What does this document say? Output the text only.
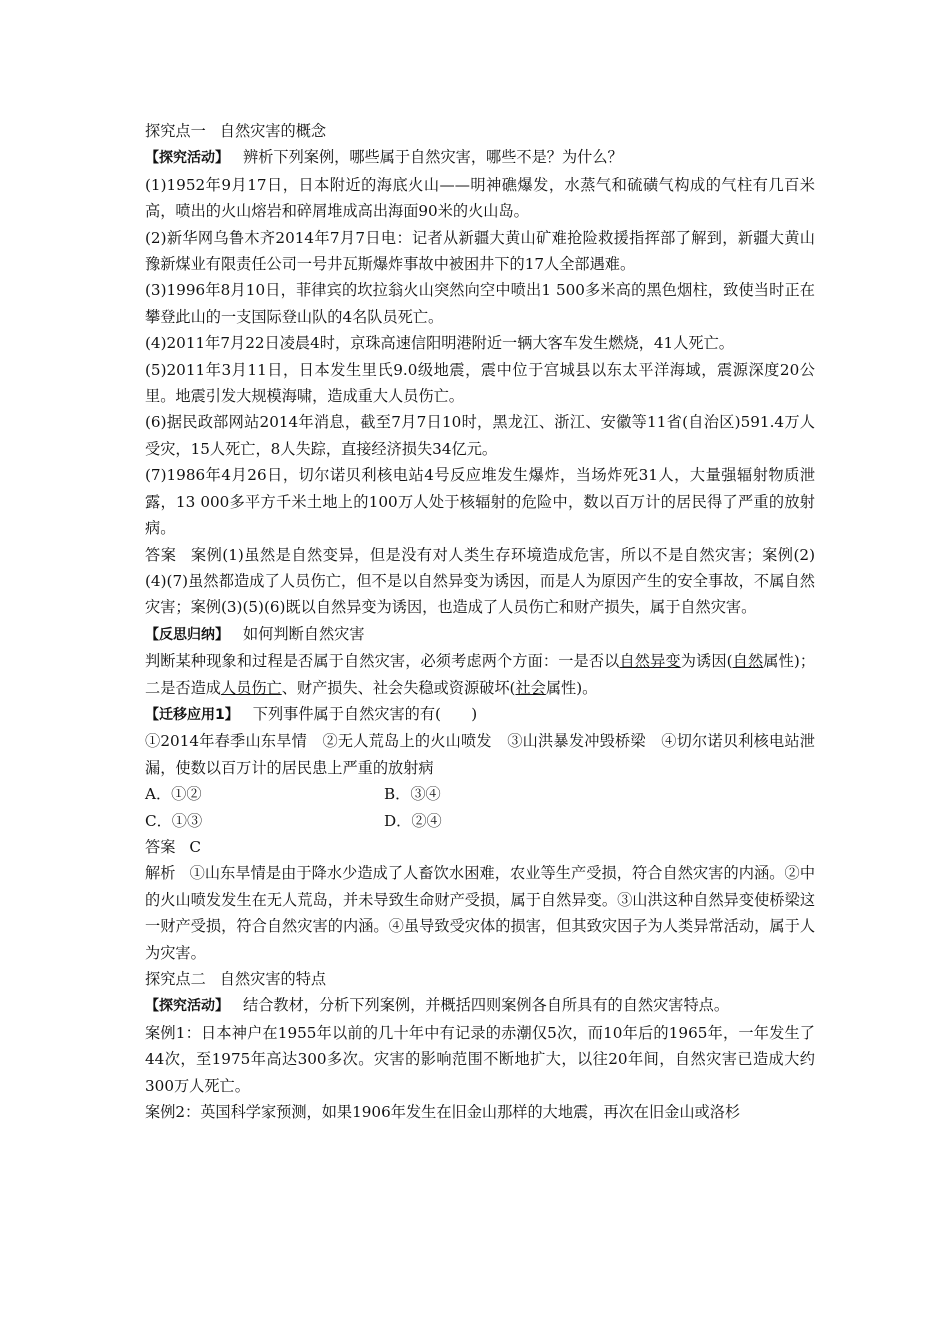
探究点一 自然灾害的概念

【探究活动】 辨析下列案例，哪些属于自然灾害，哪些不是？为什么？

(1)1952年9月17日，日本附近的海底火山——明神礁爆发，水蒸气和硫磺气构成的气柱有几百米高，喷出的火山熔岩和碎屑堆成高出海面90米的火山岛。

(2)新华网乌鲁木齐2014年7月7日电：记者从新疆大黄山矿难抢险救援指挥部了解到，新疆大黄山豫新煤业有限责任公司一号井瓦斯爆炸事故中被困井下的17人全部遇难。

(3)1996年8月10日，菲律宾的坎拉翁火山突然向空中喷出1 500多米高的黑色烟柱，致使当时正在攀登此山的一支国际登山队的4名队员死亡。

(4)2011年7月22日凌晨4时，京珠高速信阳明港附近一辆大客车发生燃烧，41人死亡。

(5)2011年3月11日，日本发生里氏9.0级地震，震中位于宫城县以东太平洋海域，震源深度20公里。地震引发大规模海啸，造成重大人员伤亡。

(6)据民政部网站2014年消息，截至7月7日10时，黑龙江、浙江、安徽等11省(自治区)591.4万人受灾，15人死亡，8人失踪，直接经济损失34亿元。

(7)1986年4月26日，切尔诺贝利核电站4号反应堆发生爆炸，当场炸死31人，大量强辐射物质泄露，13 000多平方千米土地上的100万人处于核辐射的危险中，数以百万计的居民得了严重的放射病。

答案 案例(1)虽然是自然变异，但是没有对人类生存环境造成危害，所以不是自然灾害；案例(2)(4)(7)虽然都造成了人员伤亡，但不是以自然异变为诱因，而是人为原因产生的安全事故，不属自然灾害；案例(3)(5)(6)既以自然异变为诱因，也造成了人员伤亡和财产损失，属于自然灾害。

【反思归纳】 如何判断自然灾害

判断某种现象和过程是否属于自然灾害，必须考虑两个方面：一是否以自然异变为诱因(自然属性)；二是否造成人员伤亡、财产损失、社会失稳或资源破坏(社会属性)。

【迁移应用1】 下列事件属于自然灾害的有(　　)

①2014年春季山东旱情　②无人荒岛上的火山喷发　③山洪暴发冲毁桥梁　④切尔诺贝利核电站泄漏，使数以百万计的居民患上严重的放射病

A．①②	B．③④
C．①③	D．②④

答案 C

解析 ①山东旱情是由于降水少造成了人畜饮水困难，农业等生产受损，符合自然灾害的内涵。②中的火山喷发发生在无人荒岛，并未导致生命财产受损，属于自然异变。③山洪这种自然异变使桥梁这一财产受损，符合自然灾害的内涵。④虽导致受灾体的损害，但其致灾因子为人类异常活动，属于人为灾害。

探究点二 自然灾害的特点

【探究活动】 结合教材，分析下列案例，并概括四则案例各自所具有的自然灾害特点。

案例1：日本神户在1955年以前的几十年中有记录的赤潮仅5次，而10年后的1965年，一年发生了44次，至1975年高达300多次。灾害的影响范围不断地扩大，以往20年间，自然灾害已造成大约300万人死亡。

案例2：英国科学家预测，如果1906年发生在旧金山那样的大地震，再次在旧金山或洛杉
